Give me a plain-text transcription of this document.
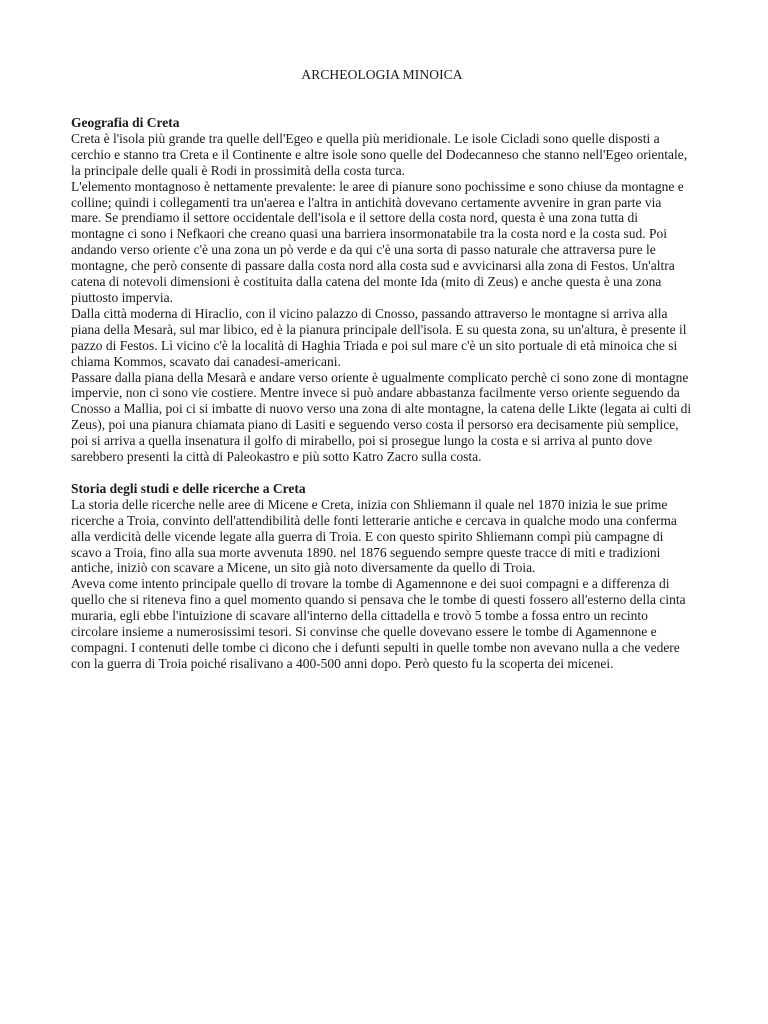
ARCHEOLOGIA MINOICA
Geografia di Creta

Creta è l'isola più grande tra quelle dell'Egeo e quella più meridionale. Le isole Cicladi sono quelle disposti a cerchio e stanno tra Creta e il Continente e altre isole sono quelle del Dodecanneso che stanno nell'Egeo orientale, la principale delle quali è Rodi in prossimità della costa turca.

L'elemento montagnoso è nettamente prevalente: le aree di pianure sono pochissime e sono chiuse da montagne e colline; quindi i collegamenti tra un'aerea e l'altra in antichità dovevano certamente avvenire in gran parte via mare. Se prendiamo il settore occidentale dell'isola e il settore della costa nord, questa è una zona tutta di montagne ci sono i Nefkaori che creano quasi una barriera insormonatabile tra la costa nord e la costa sud. Poi andando verso oriente c'è una zona un pò verde e da qui c'è una sorta di passo naturale che attraversa pure le montagne, che però consente di passare dalla costa nord alla costa sud e avvicinarsi alla zona di Festos. Un'altra catena di notevoli dimensioni è costituita dalla catena del monte Ida (mito di Zeus) e anche questa è una zona piuttosto impervia.

Dalla città moderna di Hiraclio, con il vicino palazzo di Cnosso, passando attraverso le montagne si arriva alla piana della Mesarà, sul mar libico, ed è la pianura principale dell'isola. E su questa zona, su un'altura, è presente il pazzo di Festos. Lì vicino c'è la località di Haghia Triada e poi sul mare c'è un sito portuale di età minoica che si chiama Kommos, scavato dai canadesi-americani.

Passare dalla piana della Mesarà e andare verso oriente è ugualmente complicato perchè ci sono zone di montagne impervie, non ci sono vie costiere. Mentre invece si può andare abbastanza facilmente verso oriente seguendo da Cnosso a Mallia, poi ci si imbatte di nuovo verso una zona di alte montagne, la catena delle Likte (legata ai culti di Zeus), poi una pianura chiamata piano di Lasiti e seguendo verso costa il persorso era decisamente più semplice, poi si arriva a quella insenatura il golfo di mirabello, poi si prosegue lungo la costa e si arriva al punto dove sarebbero presenti la città di Paleokastro e più sotto Katro Zacro sulla costa.

Storia degli studi e delle ricerche a Creta

La storia delle ricerche nelle aree di Micene e Creta, inizia con Shliemann il quale nel 1870 inizia le sue prime ricerche a Troia, convinto dell'attendibilità delle fonti letterarie antiche e cercava in qualche modo una conferma alla verdicità delle vicende legate alla guerra di Troia. E con questo spirito Shliemann compì più campagne di scavo a Troia, fino alla sua morte avvenuta 1890. nel 1876 seguendo sempre queste tracce di miti e tradizioni antiche, iniziò con scavare a Micene, un sito già noto diversamente da quello di Troia.

Aveva come intento principale quello di trovare la tombe di Agamennone e dei suoi compagni e a differenza di quello che si riteneva fino a quel momento quando si pensava che le tombe di questi fossero all'esterno della cinta muraria, egli ebbe l'intuizione di scavare all'interno della cittadella e trovò 5 tombe a fossa entro un recinto circolare insieme a numerosissimi tesori. Si convinse che quelle dovevano essere le tombe di Agamennone e compagni. I contenuti delle tombe ci dicono che i defunti sepulti in quelle tombe non avevano nulla a che vedere con la guerra di Troia poiché risalivano a 400-500 anni dopo. Però questo fu la scoperta dei micenei.
